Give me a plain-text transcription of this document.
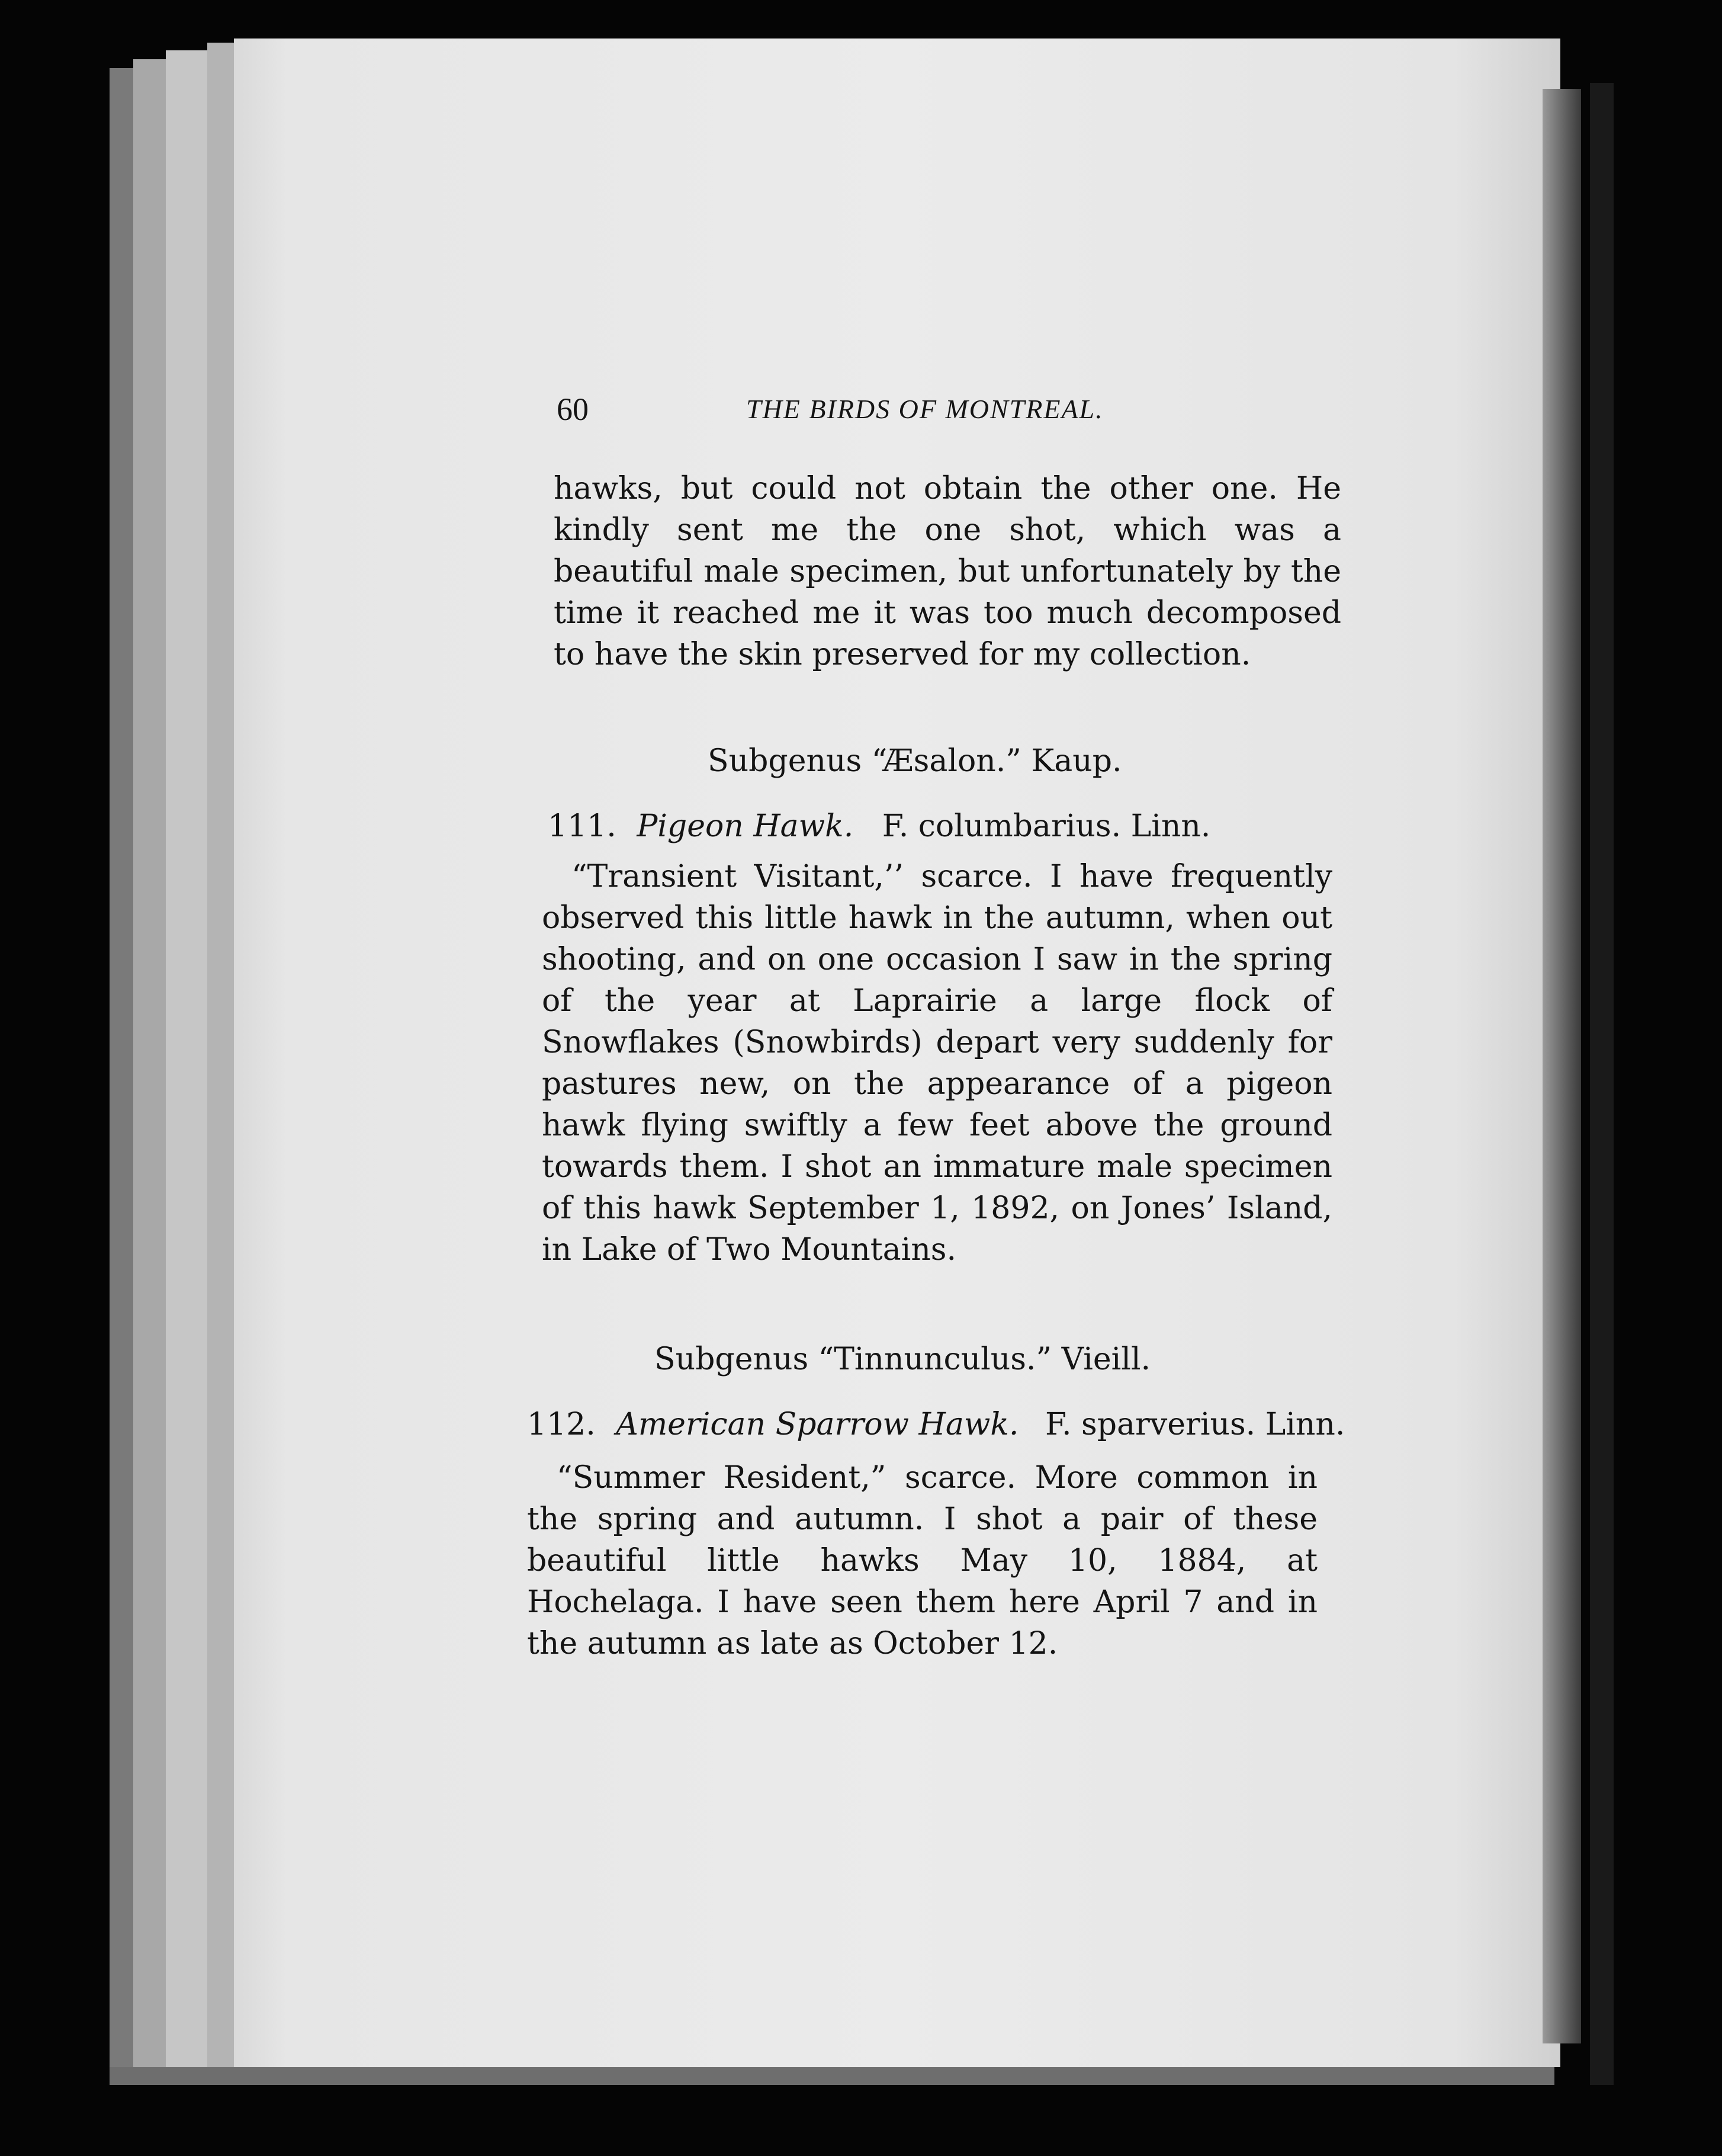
60	THE BIRDS OF MONTREAL.
hawks, but could not obtain the other one. He kindly sent me the one shot, which was a beautiful male specimen, but unfortunately by the time it reached me it was too much decomposed to have the skin preserved for my collection.
Subgenus “Æsalon.” Kaup.
111. Pigeon Hawk. F. columbarius. Linn.
“Transient Visitant,’’ scarce. I have frequently observed this little hawk in the autumn, when out shooting, and on one occasion I saw in the spring of the year at Laprairie a large flock of Snowflakes (Snowbirds) depart very suddenly for pastures new, on the appearance of a pigeon hawk flying swiftly a few feet above the ground towards them. I shot an immature male specimen of this hawk September 1, 1892, on Jones’ Island, in Lake of Two Mountains.
Subgenus “Tinnunculus.” Vieill.
112. American Sparrow Hawk. F. sparverius. Linn.
“Summer Resident,” scarce. More common in the spring and autumn. I shot a pair of these beautiful little hawks May 10, 1884, at Hochelaga. I have seen them here April 7 and in the autumn as late as October 12.
